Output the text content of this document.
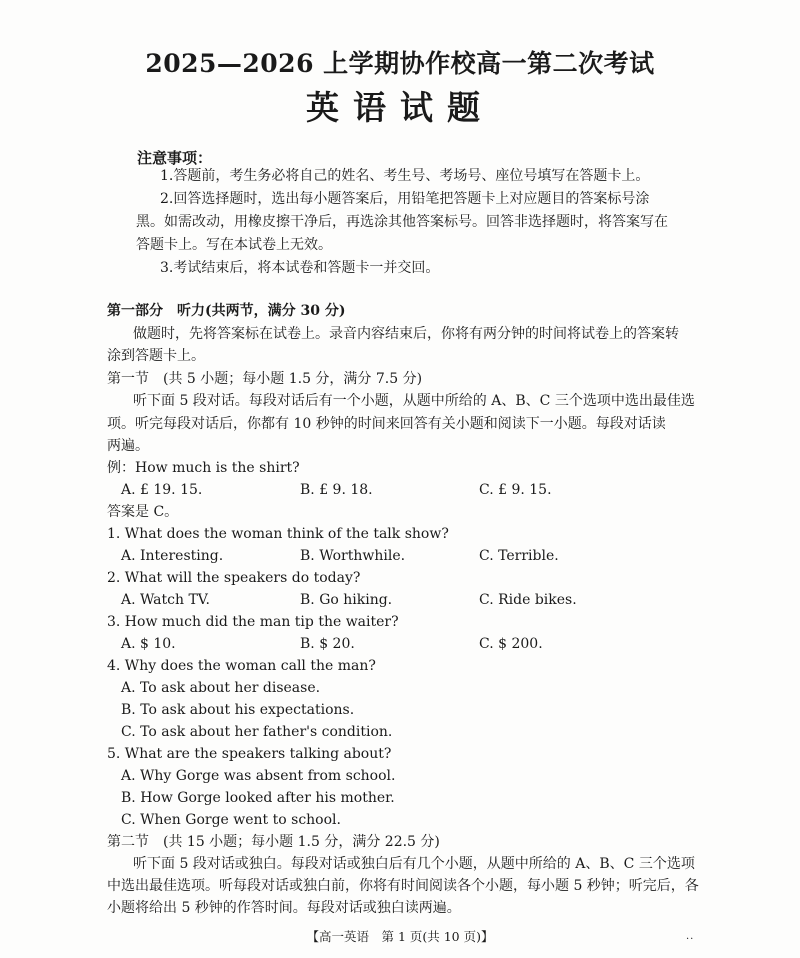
2025—2026 上学期协作校高一第二次考试
英语试题
注意事项：
1.答题前，考生务必将自己的姓名、考生号、考场号、座位号填写在答题卡上。
2.回答选择题时，选出每小题答案后，用铅笔把答题卡上对应题目的答案标号涂
黑。如需改动，用橡皮擦干净后，再选涂其他答案标号。回答非选择题时，将答案写在
答题卡上。写在本试卷上无效。
3.考试结束后，将本试卷和答题卡一并交回。
第一部分　听力(共两节，满分 30 分)
做题时，先将答案标在试卷上。录音内容结束后，你将有两分钟的时间将试卷上的答案转
涂到答题卡上。
第一节　(共 5 小题；每小题 1.5 分，满分 7.5 分)
听下面 5 段对话。每段对话后有一个小题，从题中所给的 A、B、C 三个选项中选出最佳选
项。听完每段对话后，你都有 10 秒钟的时间来回答有关小题和阅读下一小题。每段对话读
两遍。
例：How much is the shirt?
A. £ 19. 15.	B. £ 9. 18.	C. £ 9. 15.
答案是 C。
1. What does the woman think of the talk show?
A. Interesting.	B. Worthwhile.	C. Terrible.
2. What will the speakers do today?
A. Watch TV.	B. Go hiking.	C. Ride bikes.
3. How much did the man tip the waiter?
A. $ 10.	B. $ 20.	C. $ 200.
4. Why does the woman call the man?
A. To ask about her disease.
B. To ask about his expectations.
C. To ask about her father's condition.
5. What are the speakers talking about?
A. Why Gorge was absent from school.
B. How Gorge looked after his mother.
C. When Gorge went to school.
第二节　(共 15 小题；每小题 1.5 分，满分 22.5 分)
听下面 5 段对话或独白。每段对话或独白后有几个小题，从题中所给的 A、B、C 三个选项
中选出最佳选项。听每段对话或独白前，你将有时间阅读各个小题，每小题 5 秒钟；听完后，各
小题将给出 5 秒钟的作答时间。每段对话或独白读两遍。
【高一英语　第 1 页(共 10 页)】	..
